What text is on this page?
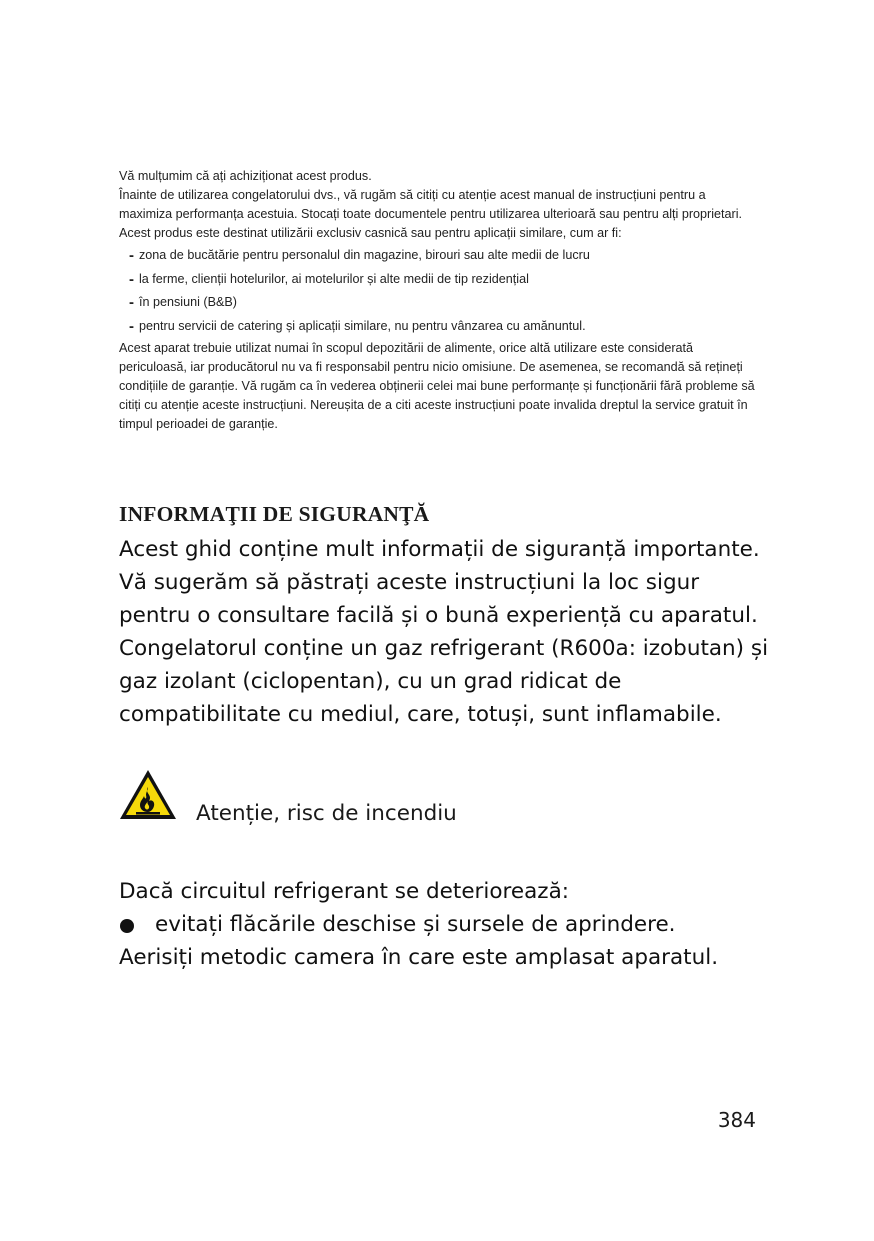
Vă mulțumim că ați achiziționat acest produs.

Înainte de utilizarea congelatorului dvs., vă rugăm să citiți cu atenție acest manual de instrucțiuni pentru a maximiza performanța acestuia. Stocați toate documentele pentru utilizarea ulterioară sau pentru alți proprietari. Acest produs este destinat utilizării exclusiv casnică sau pentru aplicații similare, cum ar fi:

- zona de bucătărie pentru personalul din magazine, birouri sau alte medii de lucru
- la ferme, clienții hotelurilor, ai motelurilor și alte medii de tip rezidențial
- în pensiuni (B&B)
- pentru servicii de catering și aplicații similare, nu pentru vânzarea cu amănuntul.

Acest aparat trebuie utilizat numai în scopul depozitării de alimente, orice altă utilizare este considerată periculoasă, iar producătorul nu va fi responsabil pentru nicio omisiune. De asemenea, se recomandă să rețineți condițiile de garanție. Vă rugăm ca în vederea obținerii celei mai bune performanțe și funcționării fără probleme să citiți cu atenție aceste instrucțiuni. Nereușita de a citi aceste instrucțiuni poate invalida dreptul la service gratuit în timpul perioadei de garanție.

INFORMAŢII DE SIGURANŢĂ

Acest ghid conține mult informații de siguranță importante. Vă sugerăm să păstrați aceste instrucțiuni la loc sigur pentru o consultare facilă și o bună experiență cu aparatul.

Congelatorul conține un gaz refrigerant (R600a: izobutan) și gaz izolant (ciclopentan), cu un grad ridicat de compatibilitate cu mediul, care, totuși, sunt inflamabile.

Atenție, risc de incendiu

Dacă circuitul refrigerant se deteriorează:

evitați flăcările deschise și sursele de aprindere.

Aerisiți metodic camera în care este amplasat aparatul.

384
